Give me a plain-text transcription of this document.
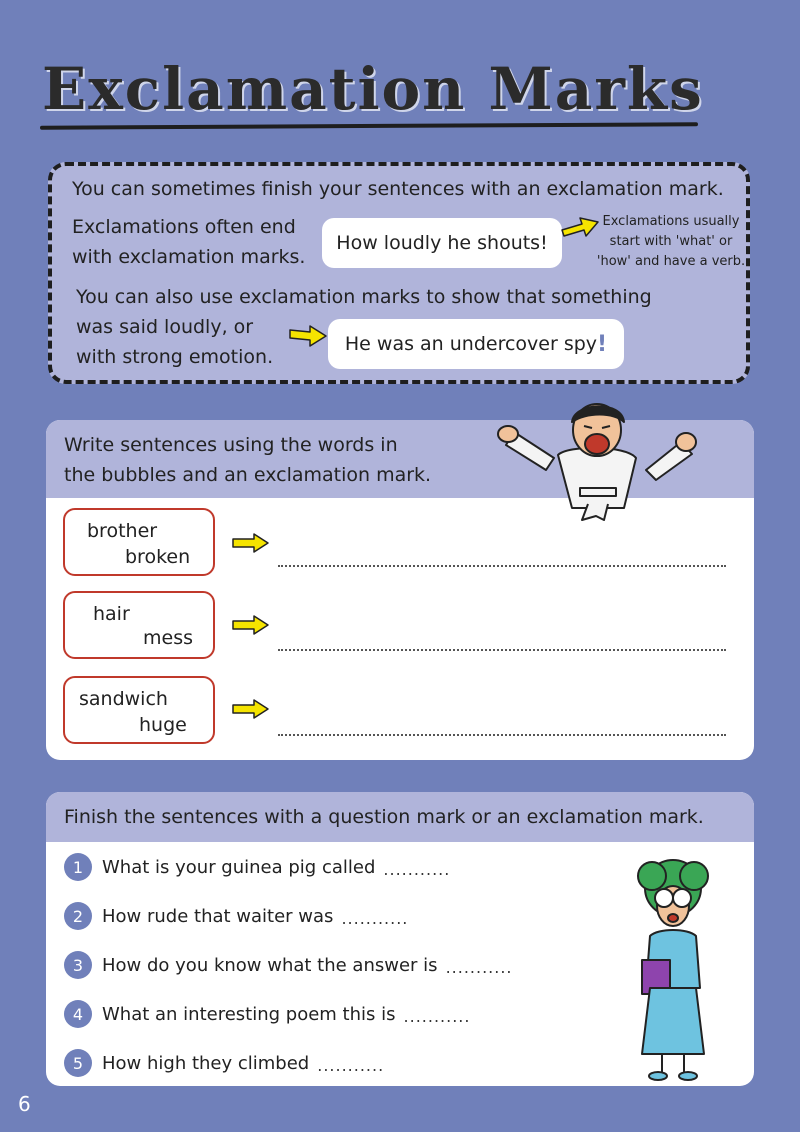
Exclamation Marks
You can sometimes finish your sentences with an exclamation mark.
Exclamations often end
with exclamation marks.
How loudly he shouts!
Exclamations usually
start with 'what' or
'how' and have a verb.
You can also use exclamation marks to show that something
was said loudly, or
with strong emotion.
He was an undercover spy !
Write sentences using the words in
the bubbles and an exclamation mark.
brother
broken
hair
mess
sandwich
huge
Finish the sentences with a question mark or an exclamation mark.
1	What is your guinea pig called ...........
2	How rude that waiter was ...........
3	How do you know what the answer is ...........
4	What an interesting poem this is ...........
5	How high they climbed ...........
6
